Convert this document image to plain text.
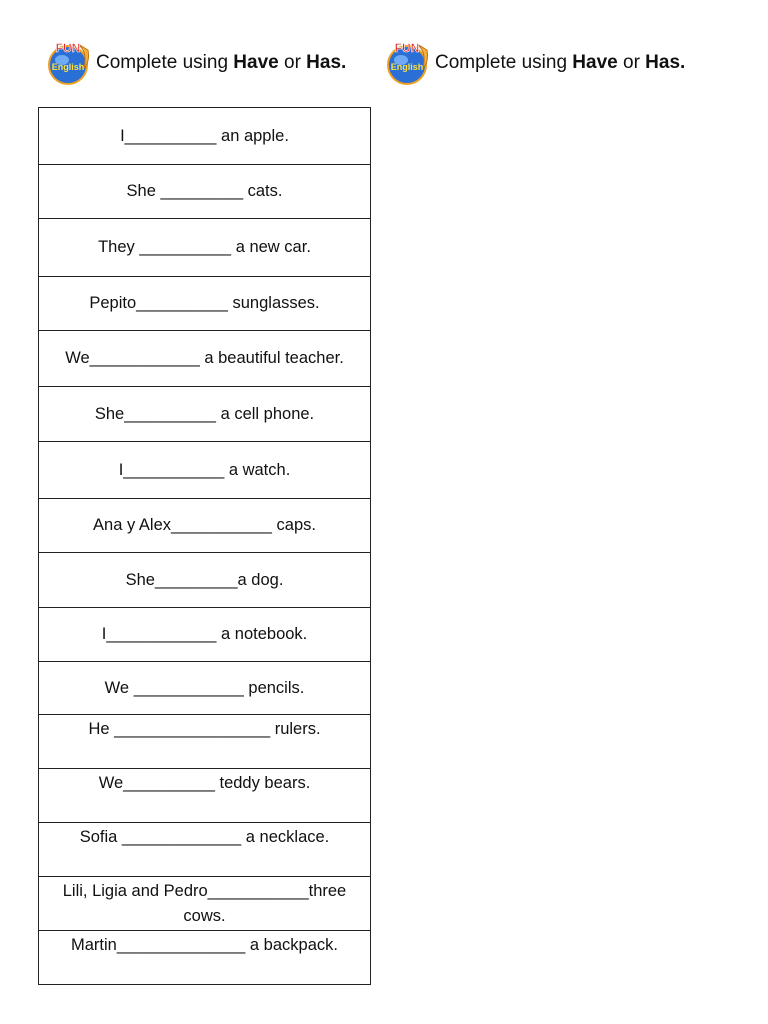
FUN
English Complete using Have or Has.
FUN
English Complete using Have or Has.
I__________ an apple.
She _________ cats.
They __________ a new car.
Pepito__________ sunglasses.
We____________ a beautiful teacher.
She__________ a cell phone.
I___________ a watch.
Ana y Alex___________ caps.
She_________a dog.
I____________ a notebook.
We ____________ pencils.
He _________________ rulers.
We__________ teddy bears.
Sofia _____________ a necklace.
Lili, Ligia and Pedro___________three cows.
Martin______________ a backpack.
